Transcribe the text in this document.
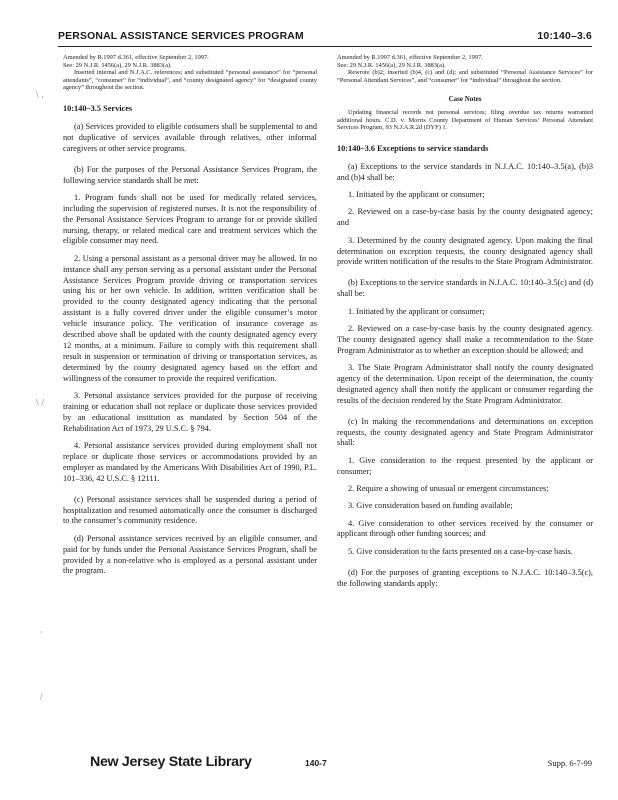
PERSONAL ASSISTANCE SERVICES PROGRAM	10:140–3.6
\ ,
\ /
'
/

Amended by R.1997 d.361, effective September 2, 1997.

See: 29 N.J.R. 1456(a), 29 N.J.R. 3883(a).

Inserted internal and N.J.A.C. references; and substituted “personal assistance” for “personal attendants”, “consumer” for “individual”, and “county designated agency” for “designated county agency” throughout the section.

10:140–3.5 Services

(a) Services provided to eligible consumers shall be supplemental to and not duplicative of services available through relatives, other informal caregivers or other service programs.

(b) For the purposes of the Personal Assistance Services Program, the following service standards shall be met:

1. Program funds shall not be used for medically related services, including the supervision of registered nurses. It is not the responsibility of the Personal Assistance Services Program to arrange for or provide skilled nursing, therapy, or related medical care and treatment services which the eligible consumer may need.

2. Using a personal assistant as a personal driver may be allowed. In no instance shall any person serving as a personal assistant under the Personal Assistance Services Program provide driving or transportation services using his or her own vehicle. In addition, written verification shall be provided to the county designated agency indicating that the personal assistant is a fully covered driver under the eligible consumer’s motor vehicle insurance policy. The verification of insurance coverage as described above shall be updated with the county designated agency every 12 months, at a minimum. Failure to comply with this requirement shall result in suspension or termination of driving or transportation services, as determined by the county designated agency based on the effort and willingness of the consumer to provide the required verification.

3. Personal assistance services provided for the purpose of receiving training or education shall not replace or duplicate those services provided by an educational institution as mandated by Section 504 of the Rehabilitation Act of 1973, 29 U.S.C. § 794.

4. Personal assistance services provided during employment shall not replace or duplicate those services or accommodations provided by an employer as mandated by the Americans With Disabilities Act of 1990, P.L. 101–336, 42 U.S.C. § 12111.

(c) Personal assistance services shall be suspended during a period of hospitalization and resumed automatically once the consumer is discharged to the consumer’s community residence.

(d) Personal assistance services received by an eligible consumer, and paid for by funds under the Personal Assistance Services Program, shall be provided by a non-relative who is employed as a personal assistant under the program.

Amended by R.1997 d.361, effective September 2, 1997.

See: 29 N.J.R. 1456(a), 29 N.J.R. 3883(a).

Rewrote (b)2; inserted (b)4, (c) and (d); and substituted “Personal Assistance Services” for “Personal Attendant Services”, and “consumer” for “individual” throughout the section.

Case Notes

Updating financial records not personal services; filing overdue tax returns warranted additional hours. C.D. v. Morris County Department of Human Services’ Personal Attendant Services Program, 93 N.J.A.R.2d (DYF) 1.

10:140–3.6 Exceptions to service standards

(a) Exceptions to the service standards in N.J.A.C. 10:140–3.5(a), (b)3 and (b)4 shall be:

1. Initiated by the applicant or consumer;

2. Reviewed on a case-by-case basis by the county designated agency; and

3. Determined by the county designated agency. Upon making the final determination on exception requests, the county designated agency shall provide written notification of the results to the State Program Administrator.

(b) Exceptions to the service standards in N.J.A.C. 10:140–3.5(c) and (d) shall be:

1. Initiated by the applicant or consumer;

2. Reviewed on a case-by-case basis by the county designated agency. The county designated agency shall make a recommendation to the State Program Administrator as to whether an exception should be allowed; and

3. The State Program Administrator shall notify the county designated agency of the determination. Upon receipt of the determination, the county designated agency shall then notify the applicant or consumer regarding the results of the decision rendered by the State Program Administrator.

(c) In making the recommendations and determinations on exception requests, the county designated agency and State Program Administrator shall:

1. Give consideration to the request presented by the applicant or consumer;

2. Require a showing of unusual or emergent circumstances;

3. Give consideration based on funding available;

4. Give consideration to other services received by the consumer or applicant through other funding sources; and

5. Give consideration to the facts presented on a case-by-case basis.

(d) For the purposes of granting exceptions to N.J.A.C. 10:140–3.5(c), the following standards apply:

New Jersey State Library	140-7	Supp. 6-7-99
